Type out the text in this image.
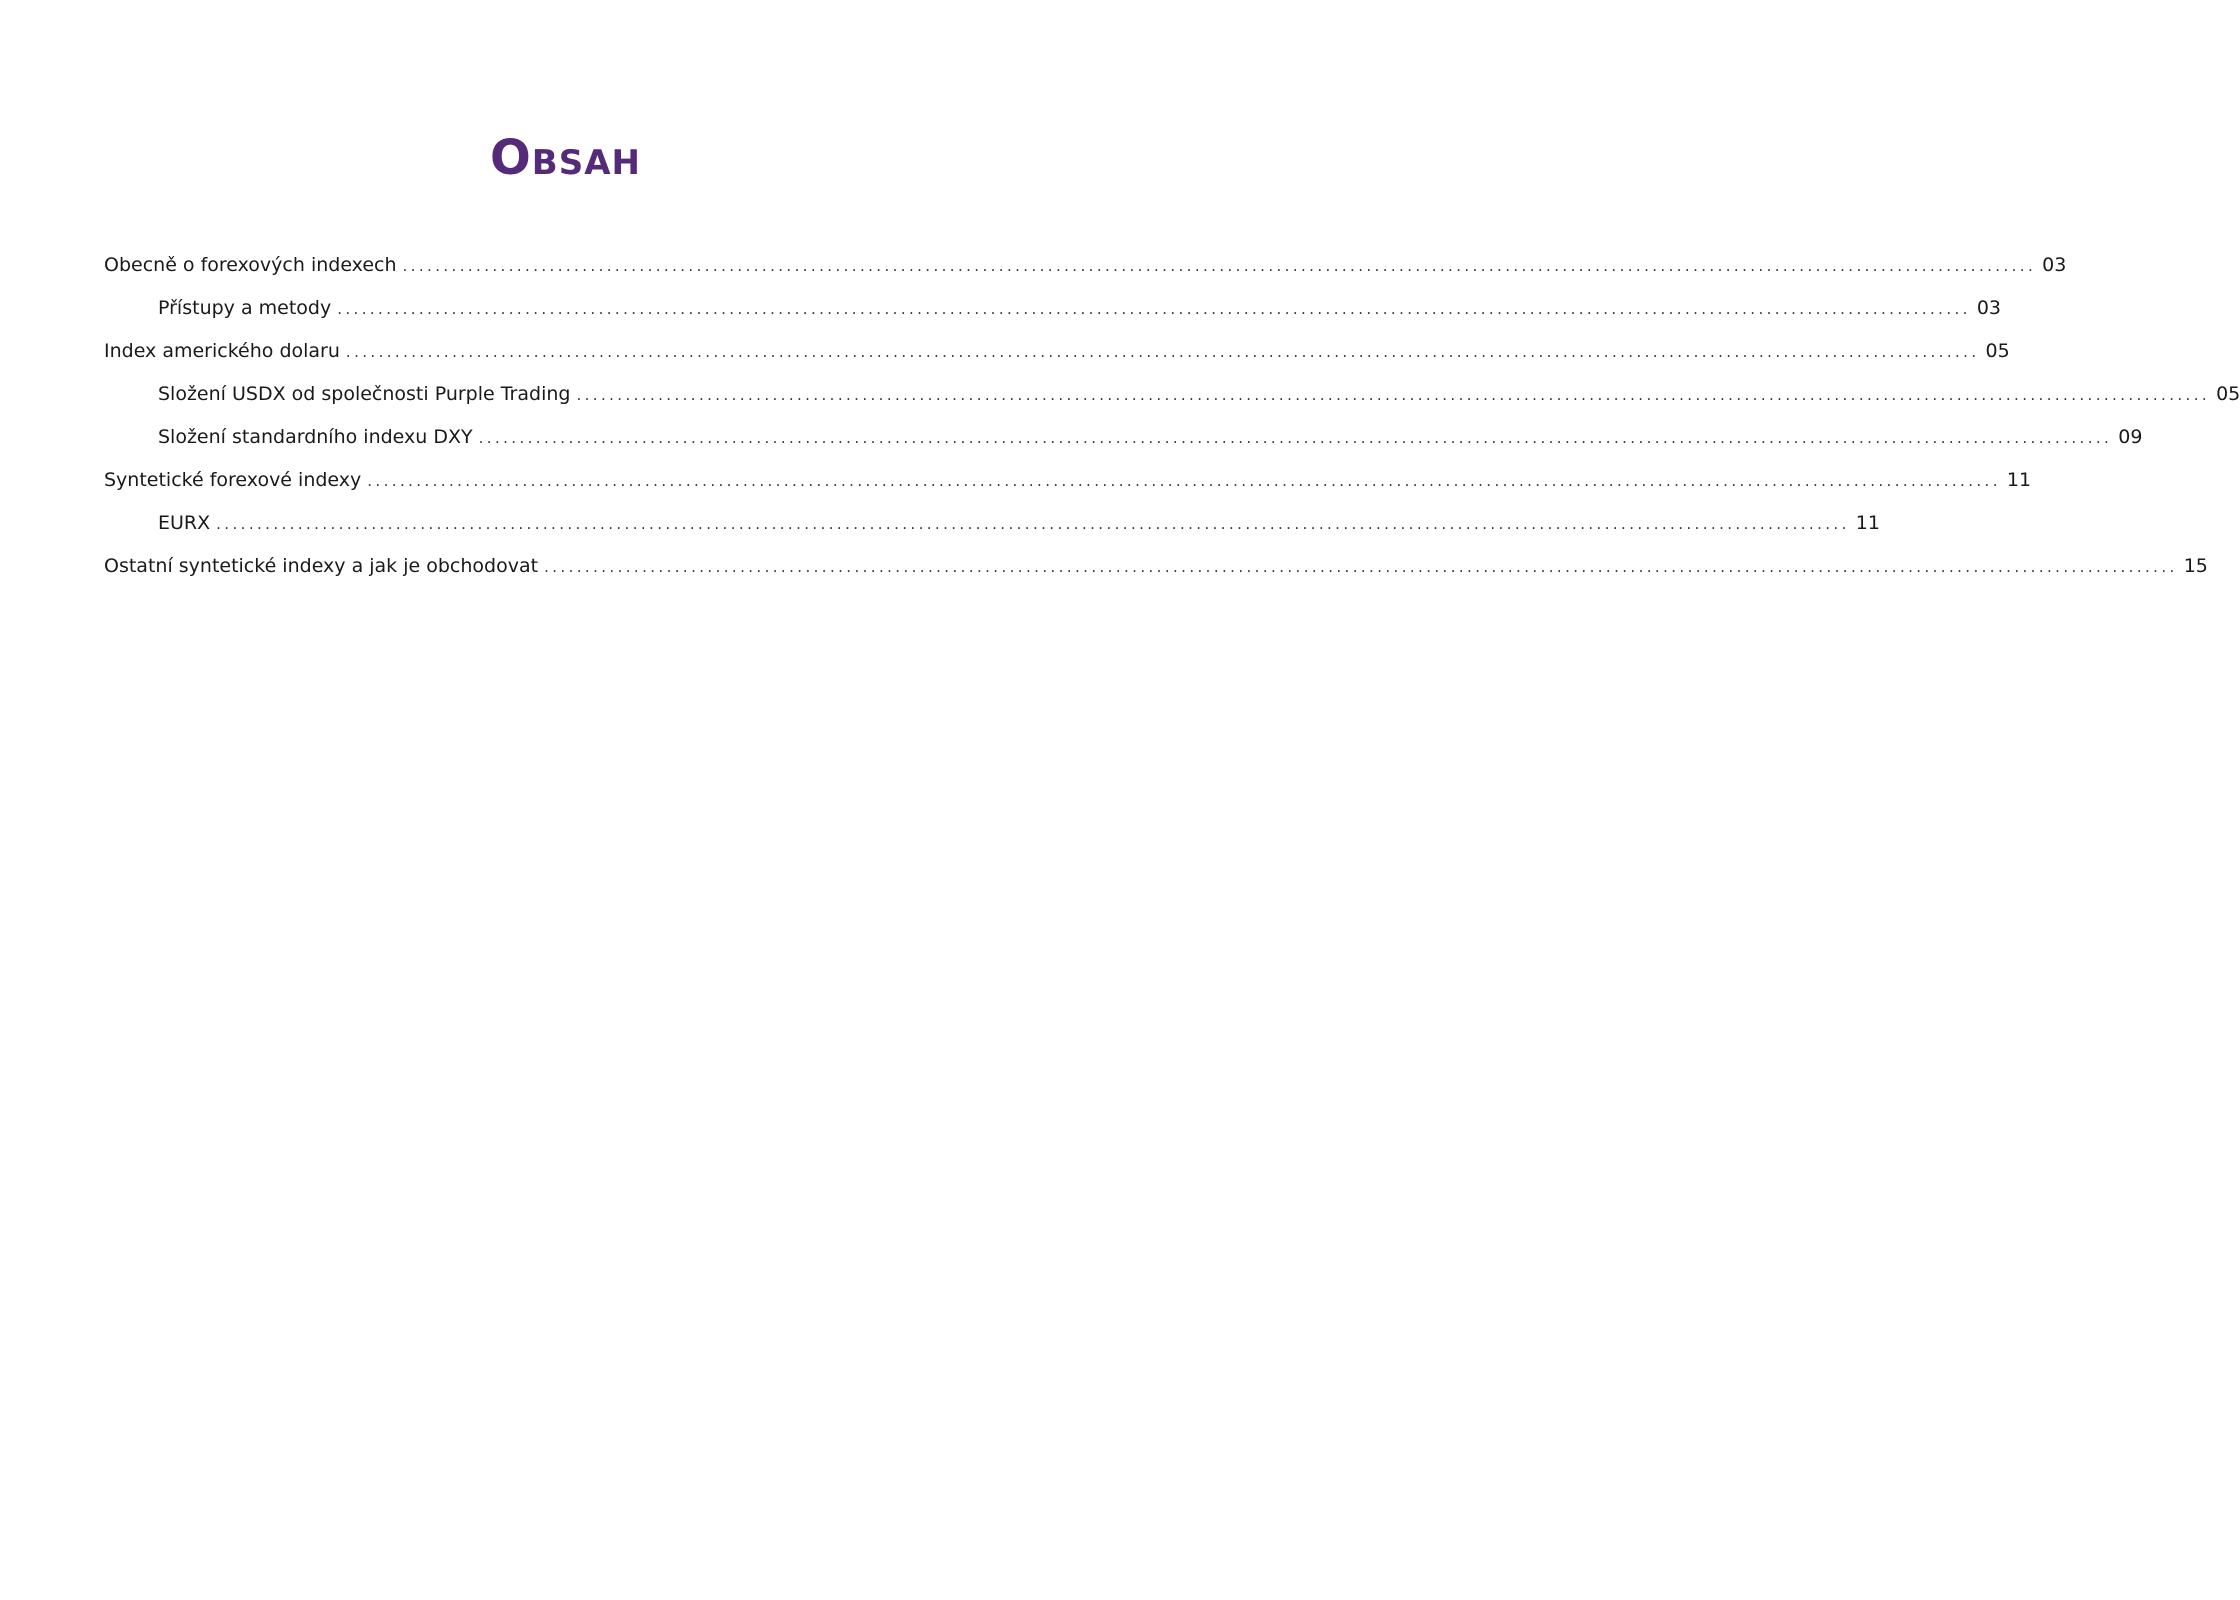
Obsah
Obecně o forexových indexech ........................................................................................................................................................................................................ 03
Přístupy a metody ........................................................................................................................................................................................................ 03
Index amerického dolaru ........................................................................................................................................................................................................ 05
Složení USDX od společnosti Purple Trading ........................................................................................................................................................................................................ 05
Složení standardního indexu DXY ........................................................................................................................................................................................................ 09
Syntetické forexové indexy ........................................................................................................................................................................................................ 11
EURX ........................................................................................................................................................................................................ 11
Ostatní syntetické indexy a jak je obchodovat ........................................................................................................................................................................................................ 15
